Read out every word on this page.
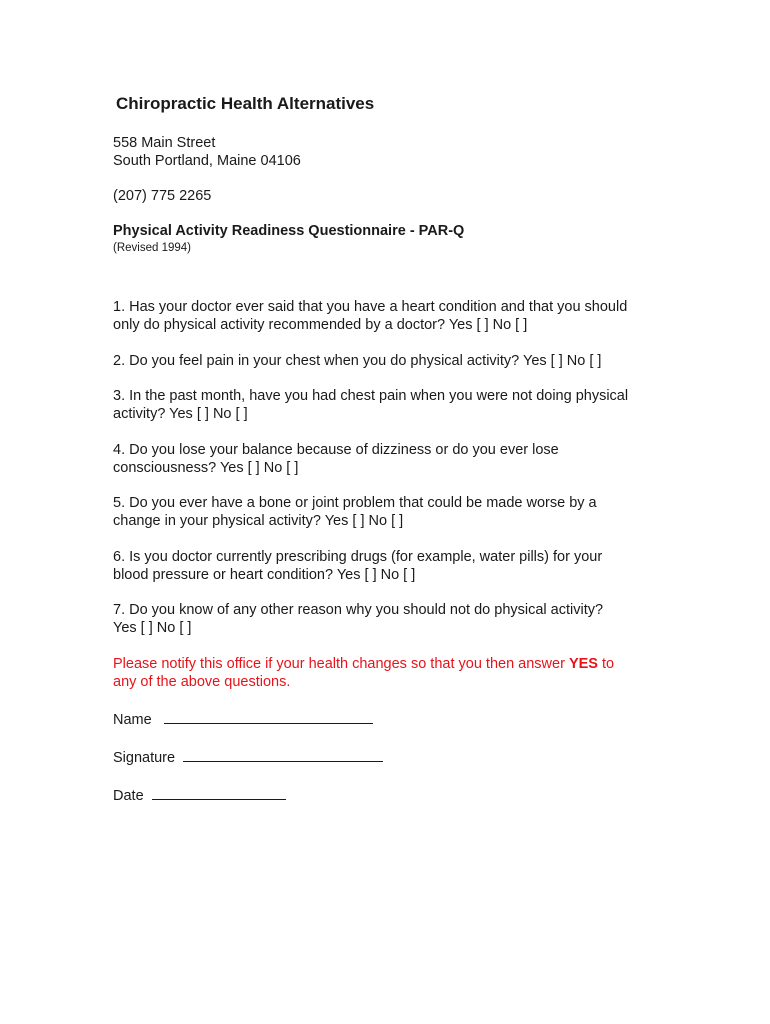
Chiropractic Health Alternatives
558 Main Street
South Portland, Maine 04106
(207) 775 2265
Physical Activity Readiness Questionnaire - PAR-Q
(Revised 1994)
1. Has your doctor ever said that you have a heart condition and that you should
only do physical activity recommended by a doctor? Yes [ ] No [ ]
2. Do you feel pain in your chest when you do physical activity? Yes [ ] No [ ]
3. In the past month, have you had chest pain when you were not doing physical
activity? Yes [ ] No [ ]
4. Do you lose your balance because of dizziness or do you ever lose
consciousness? Yes [ ] No [ ]
5. Do you ever have a bone or joint problem that could be made worse by a
change in your physical activity? Yes [ ] No [ ]
6. Is you doctor currently prescribing drugs (for example, water pills) for your
blood pressure or heart condition? Yes [ ] No [ ]
7. Do you know of any other reason why you should not do physical activity?
Yes [ ] No [ ]
Please notify this office if your health changes so that you then answer YES to
any of the above questions.
Name
Signature
Date
